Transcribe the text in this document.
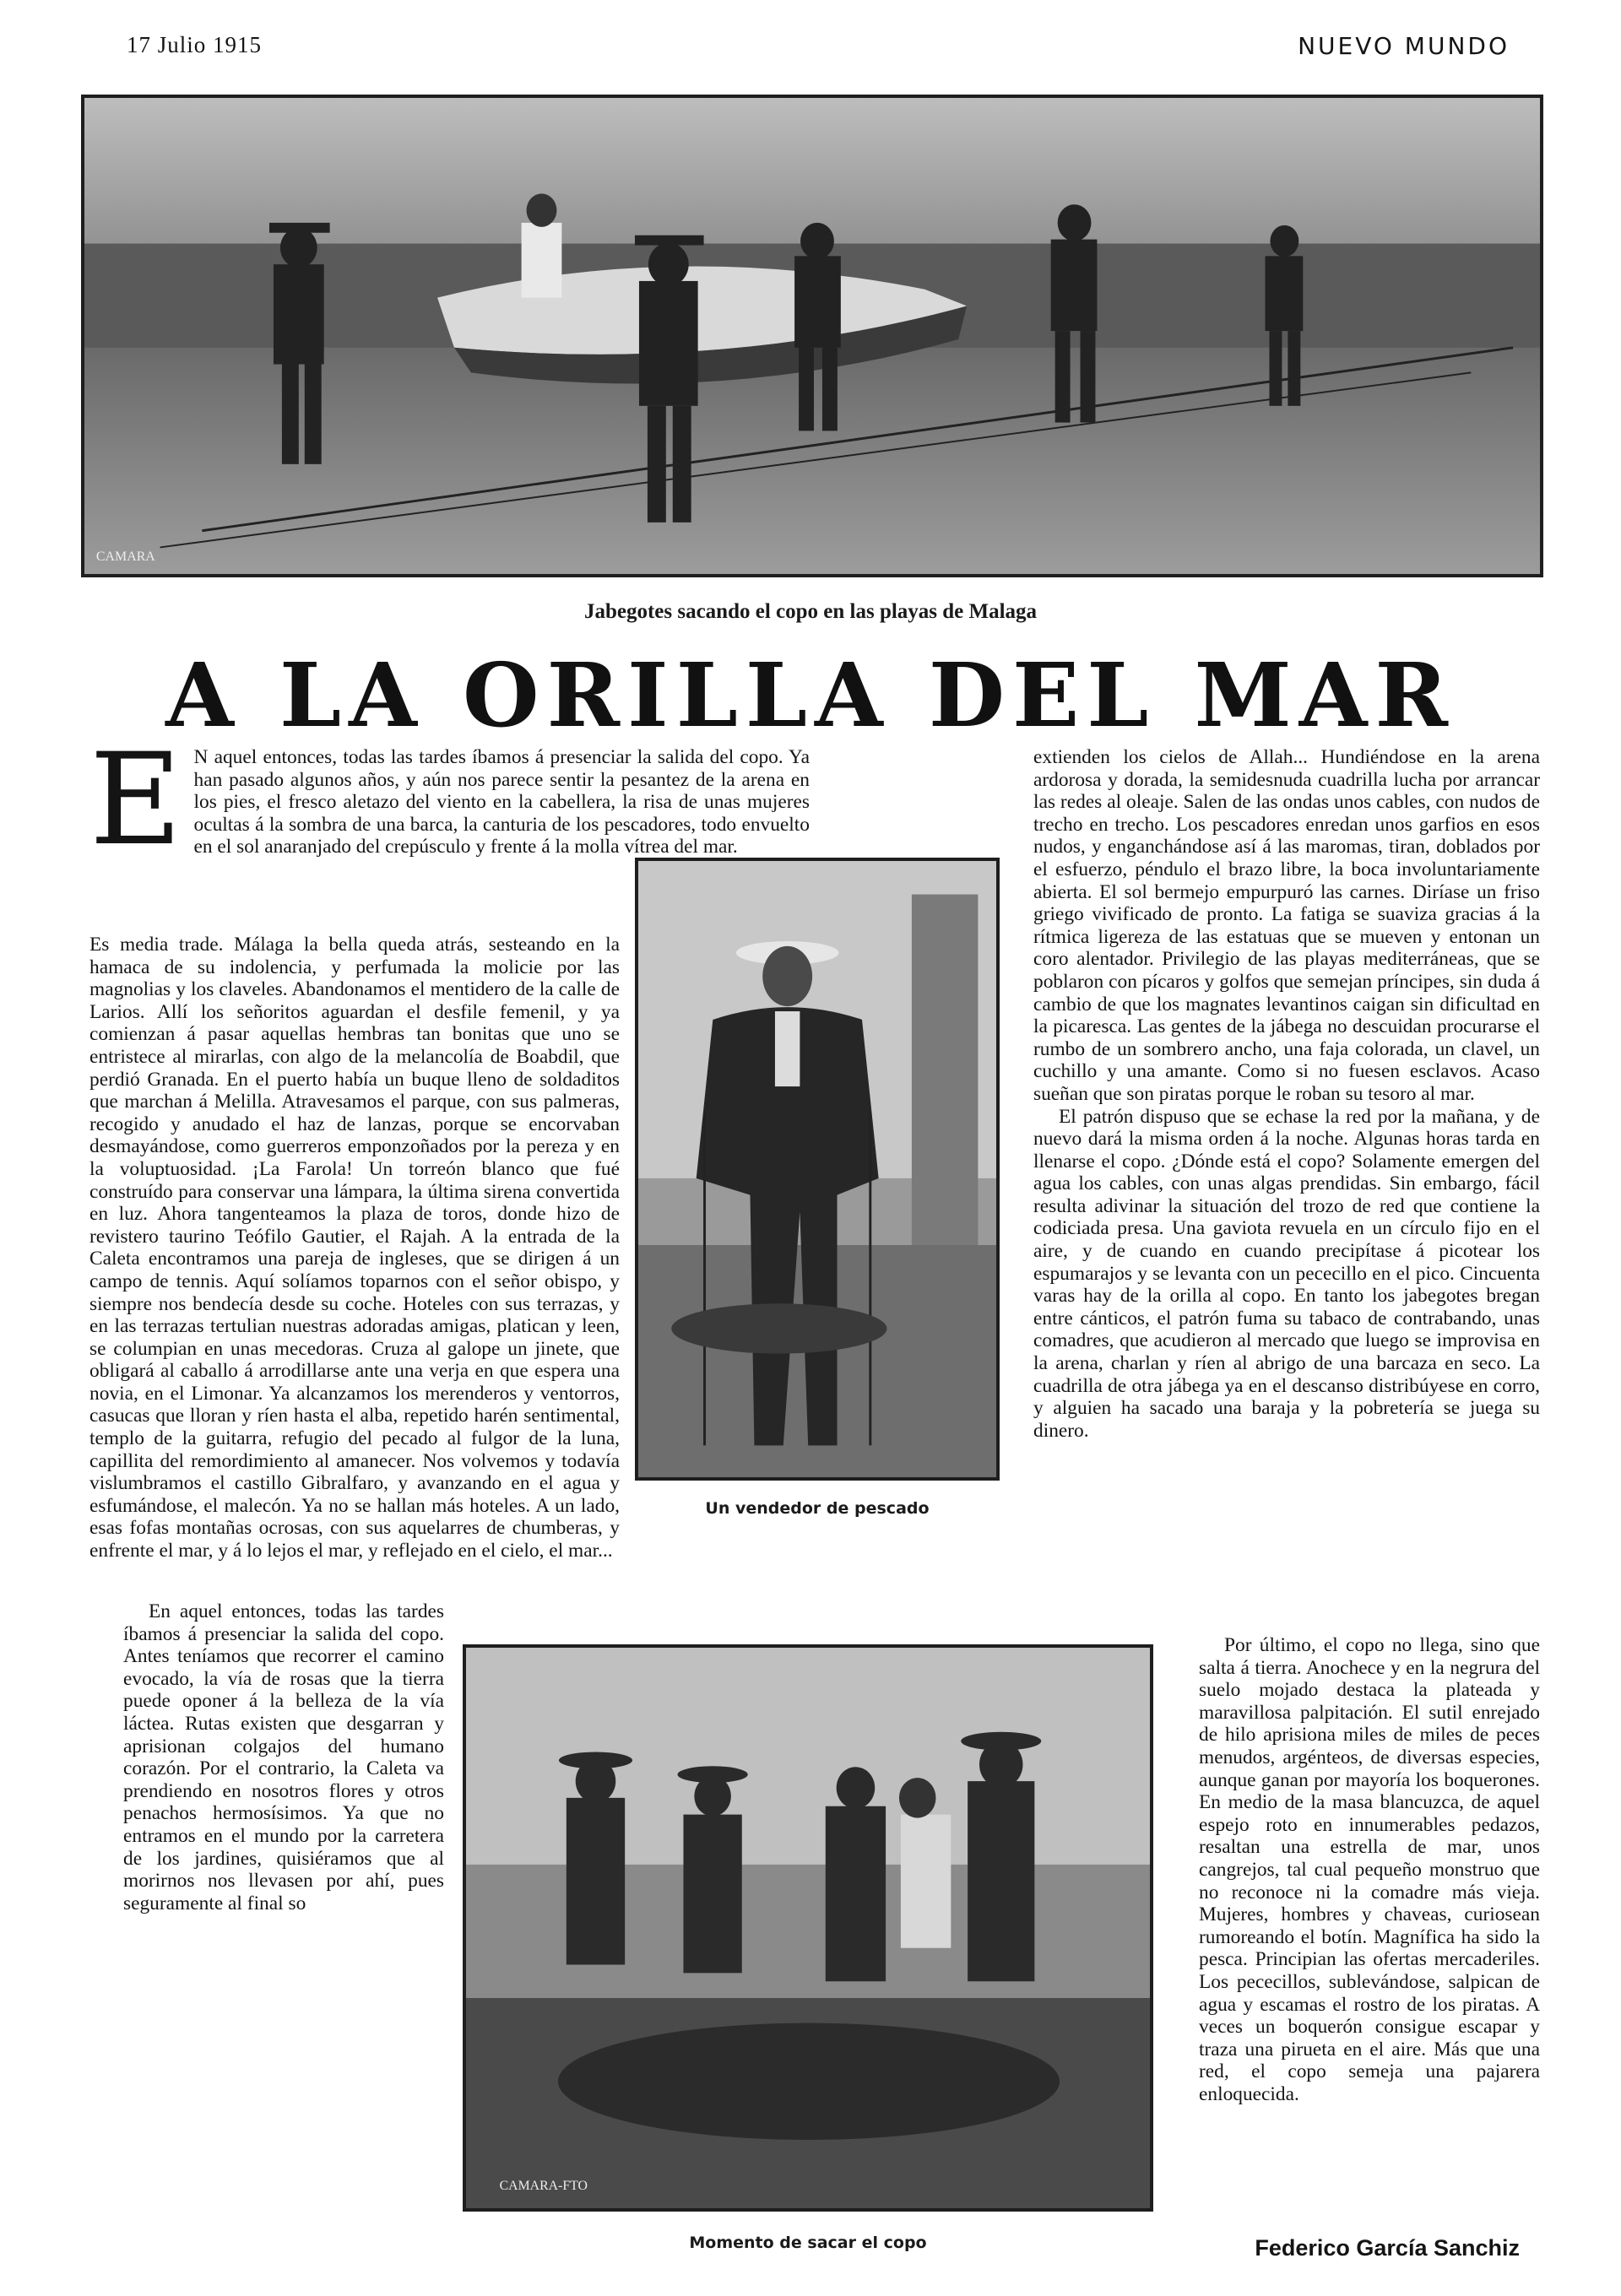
17 Julio 1915	NUEVO MUNDO
CAMARA
Jabegotes sacando el copo en las playas de Malaga
A LA ORILLA DEL MAR

E N aquel entonces, todas las tardes íbamos á presenciar la salida del copo. Ya han pasado algunos años, y aún nos parece sentir la pesantez de la arena en los pies, el fresco aletazo del viento en la cabellera, la risa de unas mujeres ocultas á la sombra de una barca, la canturia de los pescadores, todo envuelto en el sol anaranjado del crepúsculo y frente á la molla vítrea del mar.

Un vendedor de pescado

Es media trade. Málaga la bella queda atrás, sesteando en la hamaca de su indolencia, y perfumada la molicie por las magnolias y los claveles. Abandonamos el mentidero de la calle de Larios. Allí los señoritos aguardan el desfile femenil, y ya comienzan á pasar aquellas hembras tan bonitas que uno se entristece al mirarlas, con algo de la melancolía de Boabdil, que perdió Granada. En el puerto había un buque lleno de soldaditos que marchan á Melilla. Atravesamos el parque, con sus palmeras, recogido y anudado el haz de lanzas, porque se encorvaban desmayándose, como guerreros emponzoñados por la pereza y en la voluptuosidad. ¡La Farola! Un torreón blanco que fué construído para conservar una lámpara, la última sirena convertida en luz. Ahora tangenteamos la plaza de toros, donde hizo de revistero taurino Teófilo Gautier, el Rajah. A la entrada de la Caleta encontramos una pareja de ingleses, que se dirigen á un campo de tennis. Aquí solíamos toparnos con el señor obispo, y siempre nos bendecía desde su coche. Hoteles con sus terrazas, y en las terrazas tertulian nuestras adoradas amigas, platican y leen, se columpian en unas mecedoras. Cruza al galope un jinete, que obligará al caballo á arrodillarse ante una verja en que espera una novia, en el Limonar. Ya alcanzamos los merenderos y ventorros, casucas que lloran y ríen hasta el alba, repetido harén sentimental, templo de la guitarra, refugio del pecado al fulgor de la luna, capillita del remordimiento al amanecer. Nos volvemos y todavía vislumbramos el castillo Gibralfaro, y avanzando en el agua y esfumándose, el malecón. Ya no se hallan más hoteles. A un lado, esas fofas montañas ocrosas, con sus aquelarres de chumberas, y enfrente el mar, y á lo lejos el mar, y reflejado en el cielo, el mar...

CAMARA-FTO
Momento de sacar el copo

En aquel entonces, todas las tardes íbamos á presenciar la salida del copo. Antes teníamos que recorrer el camino evocado, la vía de rosas que la tierra puede oponer á la belleza de la vía láctea. Rutas existen que desgarran y aprisionan colgajos del humano corazón. Por el contrario, la Caleta va prendiendo en nosotros flores y otros penachos hermosísimos. Ya que no entramos en el mundo por la carretera de los jardines, quisiéramos que al morirnos nos llevasen por ahí, pues seguramente al final so

extienden los cielos de Allah... Hundiéndose en la arena ardorosa y dorada, la semidesnuda cuadrilla lucha por arrancar las redes al oleaje. Salen de las ondas unos cables, con nudos de trecho en trecho. Los pescadores enredan unos garfios en esos nudos, y enganchándose así á las maromas, tiran, doblados por el esfuerzo, péndulo el brazo libre, la boca involuntariamente abierta. El sol bermejo empurpuró las carnes. Diríase un friso griego vivificado de pronto. La fatiga se suaviza gracias á la rítmica ligereza de las estatuas que se mueven y entonan un coro alentador. Privilegio de las playas mediterráneas, que se poblaron con pícaros y golfos que semejan príncipes, sin duda á cambio de que los magnates levantinos caigan sin dificultad en la picaresca. Las gentes de la jábega no descuidan procurarse el rumbo de un sombrero ancho, una faja colorada, un clavel, un cuchillo y una amante. Como si no fuesen esclavos. Acaso sueñan que son piratas porque le roban su tesoro al mar.

El patrón dispuso que se echase la red por la mañana, y de nuevo dará la misma orden á la noche. Algunas horas tarda en llenarse el copo. ¿Dónde está el copo? Solamente emergen del agua los cables, con unas algas prendidas. Sin embargo, fácil resulta adivinar la situación del trozo de red que contiene la codiciada presa. Una gaviota revuela en un círculo fijo en el aire, y de cuando en cuando precipítase á picotear los espumarajos y se levanta con un pececillo en el pico. Cincuenta varas hay de la orilla al copo. En tanto los jabegotes bregan entre cánticos, el patrón fuma su tabaco de contrabando, unas comadres, que acudieron al mercado que luego se improvisa en la arena, charlan y ríen al abrigo de una barcaza en seco. La cuadrilla de otra jábega ya en el descanso distribúyese en corro, y alguien ha sacado una baraja y la pobretería se juega su dinero.

Por último, el copo no llega, sino que salta á tierra. Anochece y en la negrura del suelo mojado destaca la plateada y maravillosa palpitación. El sutil enrejado de hilo aprisiona miles de miles de peces menudos, argénteos, de diversas especies, aunque ganan por mayoría los boquerones. En medio de la masa blancuzca, de aquel espejo roto en innumerables pedazos, resaltan una estrella de mar, unos cangrejos, tal cual pequeño monstruo que no reconoce ni la comadre más vieja. Mujeres, hombres y chaveas, curiosean rumoreando el botín. Magnífica ha sido la pesca. Principian las ofertas mercaderiles. Los pececillos, sublevándose, salpican de agua y escamas el rostro de los piratas. A veces un boquerón consigue escapar y traza una pirueta en el aire. Más que una red, el copo semeja una pajarera enloquecida.

Federico García Sanchiz
